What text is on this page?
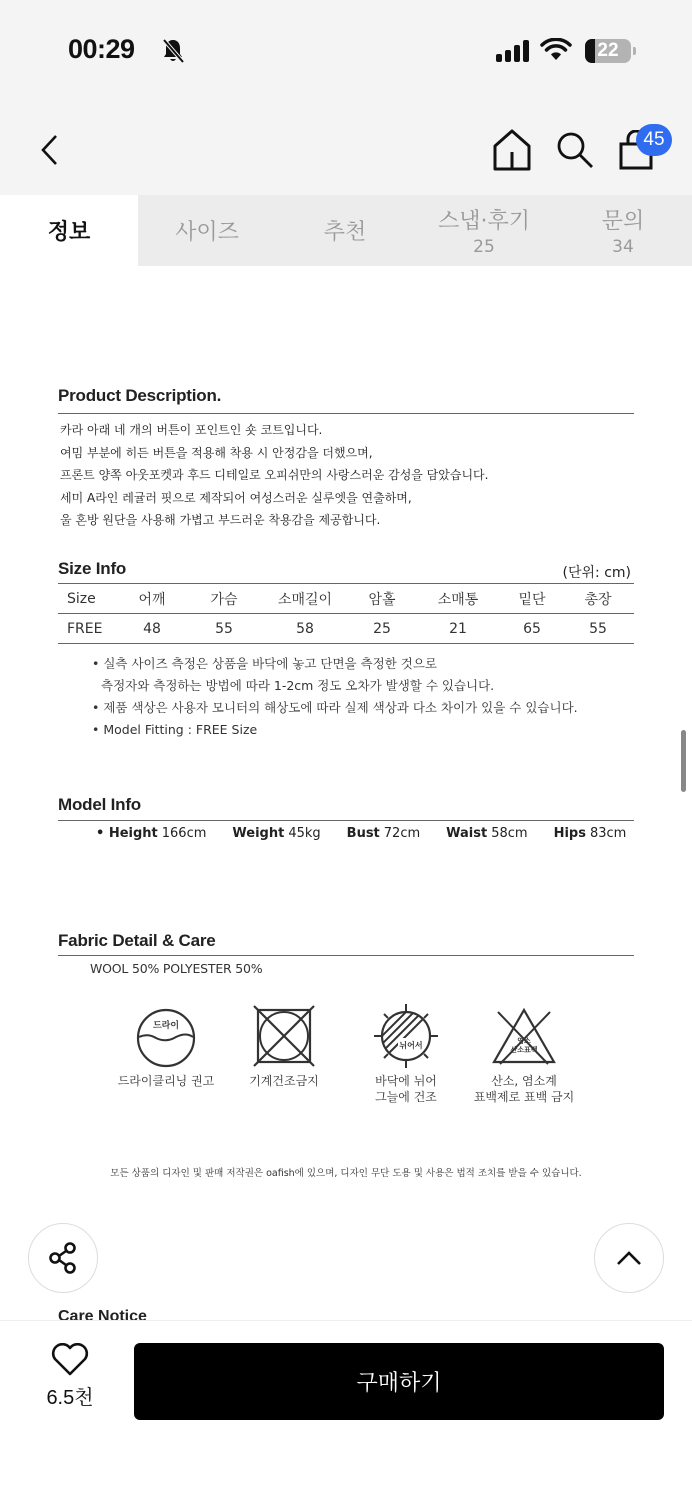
00:29	22
45
정보	사이즈	추천	스냅·후기
25
문의
34
Product Description.
카라 아래 네 개의 버튼이 포인트인 숏 코트입니다.
여밈 부분에 히든 버튼을 적용해 착용 시 안정감을 더했으며,
프론트 양쪽 아웃포켓과 후드 디테일로 오피쉬만의 사랑스러운 감성을 담았습니다.
세미 A라인 레귤러 핏으로 제작되어 여성스러운 실루엣을 연출하며,
울 혼방 원단을 사용해 가볍고 부드러운 착용감을 제공합니다.
Size Info	(단위: cm)
Size	어깨	가슴	소매길이	암홀	소매통	밑단	총장
FREE	48	55	58	25	21	65	55
• 실측 사이즈 측정은 상품을 바닥에 놓고 단면을 측정한 것으로
측정자와 측정하는 방법에 따라 1-2cm 정도 오차가 발생할 수 있습니다.
• 제품 색상은 사용자 모니터의 해상도에 따라 실제 색상과 다소 차이가 있을 수 있습니다.
• Model Fitting : FREE Size
Model Info
• Height 166cm Weight 45kg Bust 72cm Waist 58cm Hips 83cm
Fabric Detail & Care
WOOL 50% POLYESTER 50%
드라이
드라이클리닝 권고	기계건조금지
뉘어서
바닥에 뉘어
그늘에 건조
염소
산소표백
산소, 염소계
표백제로 표백 금지
모든 상품의 디자인 및 판매 저작권은 oafish에 있으며, 디자인 무단 도용 및 사용은 법적 조치를 받을 수 있습니다.
Care Notice
6.5천
구매하기
